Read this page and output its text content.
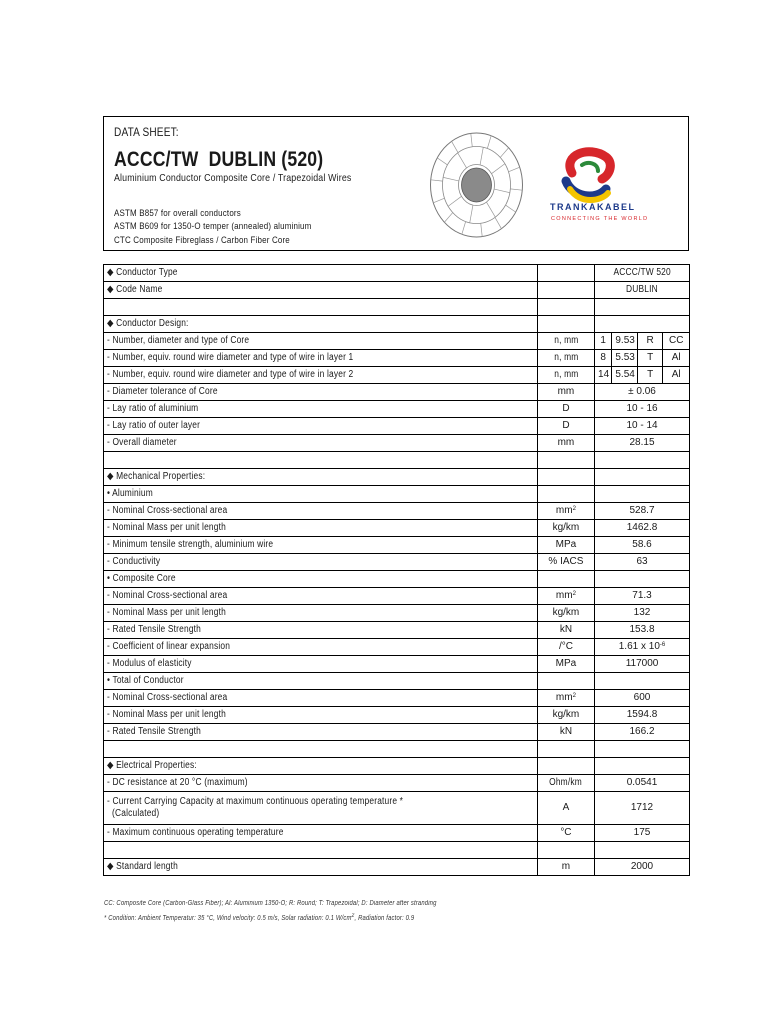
DATA SHEET:
ACCC/TW  DUBLIN (520)
Aluminium Conductor Composite Core / Trapezoidal Wires
ASTM B857 for overall conductors
ASTM B609 for 1350-O temper (annealed) aluminium
CTC Composite Fibreglass / Carbon Fiber Core
TRANKAKABEL
CONNECTING THE WORLD
◆ Conductor Type		ACCC/TW 520			
◆ Code Name		DUBLIN			

◆ Conductor Design:					
- Number, diameter and type of Core	n, mm	1	9.53	R	CC
- Number, equiv. round wire diameter and type of wire in layer 1	n, mm	8	5.53	T	Al
- Number, equiv. round wire diameter and type of wire in layer 2	n, mm	14	5.54	T	Al
- Diameter tolerance of Core	mm	± 0.06			
- Lay ratio of aluminium	D	10 - 16			
- Lay ratio of outer layer	D	10 - 14			
- Overall diameter	mm	28.15			

◆ Mechanical Properties:					
• Aluminium					
- Nominal Cross-sectional area	$mm^2$	528.7			
- Nominal Mass per unit length	kg/km	1462.8			
- Minimum tensile strength, aluminium wire	MPa	58.6			
- Conductivity	% IACS	63			
• Composite Core					
- Nominal Cross-sectional area	$mm^2$	71.3			
- Nominal Mass per unit length	kg/km	132			
- Rated Tensile Strength	kN	153.8			
- Coefficient of linear expansion	/°C	1.61 x $10^{-6}$
- Modulus of elasticity	MPa	117000			
• Total of Conductor					
- Nominal Cross-sectional area	$mm^2$	600			
- Nominal Mass per unit length	kg/km	1594.8			
- Rated Tensile Strength	kN	166.2			

◆ Electrical Properties:					
- DC resistance at 20 °C (maximum)	Ohm/km	0.0541			
- Current Carrying Capacity at maximum continuous operating temperature *
(Calculated)	A	1712			
- Maximum continuous operating temperature	°C	175			

◆ Standard length	m	2000			
CC: Composite Core (Carbon-Glass Fiber); Al: Aluminium 1350-O; R: Round; T: Trapezoidal; D: Diameter after stranding
* Condition: Ambient Temperatur: 35 °C, Wind velocity: 0.5 m/s, Solar radiation: 0.1 W/cm2, Radiation factor: 0.9
